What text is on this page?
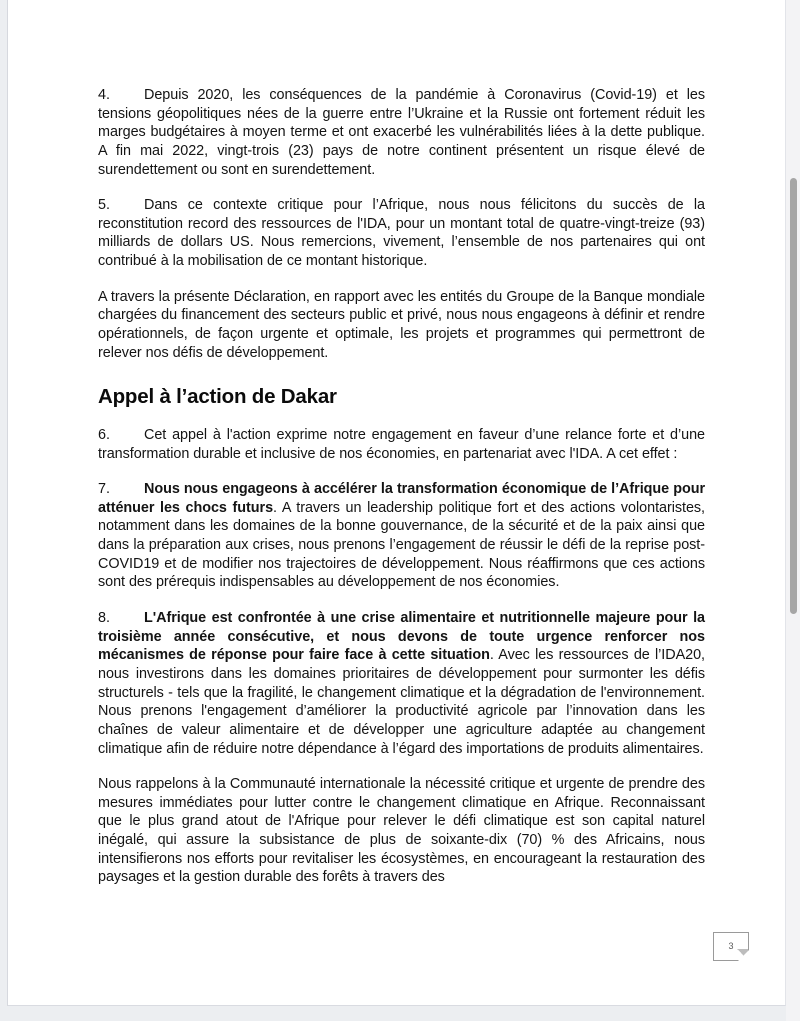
4. Depuis 2020, les conséquences de la pandémie à Coronavirus (Covid-19) et les tensions géopolitiques nées de la guerre entre l’Ukraine et la Russie ont fortement réduit les marges budgétaires à moyen terme et ont exacerbé les vulnérabilités liées à la dette publique. A fin mai 2022, vingt-trois (23) pays de notre continent présentent un risque élevé de surendettement ou sont en surendettement.

5. Dans ce contexte critique pour l’Afrique, nous nous félicitons du succès de la reconstitution record des ressources de l'IDA, pour un montant total de quatre-vingt-treize (93) milliards de dollars US. Nous remercions, vivement, l’ensemble de nos partenaires qui ont contribué à la mobilisation de ce montant historique.

A travers la présente Déclaration, en rapport avec les entités du Groupe de la Banque mondiale chargées du financement des secteurs public et privé, nous nous engageons à définir et rendre opérationnels, de façon urgente et optimale, les projets et programmes qui permettront de relever nos défis de développement.

Appel à l’action de Dakar

6. Cet appel à l'action exprime notre engagement en faveur d’une relance forte et d’une transformation durable et inclusive de nos économies, en partenariat avec l'IDA. A cet effet :

7. Nous nous engageons à accélérer la transformation économique de l’Afrique pour atténuer les chocs futurs. A travers un leadership politique fort et des actions volontaristes, notamment dans les domaines de la bonne gouvernance, de la sécurité et de la paix ainsi que dans la préparation aux crises, nous prenons l’engagement de réussir le défi de la reprise post-COVID19 et de modifier nos trajectoires de développement. Nous réaffirmons que ces actions sont des prérequis indispensables au développement de nos économies.

8. L'Afrique est confrontée à une crise alimentaire et nutritionnelle majeure pour la troisième année consécutive, et nous devons de toute urgence renforcer nos mécanismes de réponse pour faire face à cette situation. Avec les ressources de l’IDA20, nous investirons dans les domaines prioritaires de développement pour surmonter les défis structurels - tels que la fragilité, le changement climatique et la dégradation de l'environnement. Nous prenons l'engagement d’améliorer la productivité agricole par l’innovation dans les chaînes de valeur alimentaire et de développer une agriculture adaptée au changement climatique afin de réduire notre dépendance à l’égard des importations de produits alimentaires.

Nous rappelons à la Communauté internationale la nécessité critique et urgente de prendre des mesures immédiates pour lutter contre le changement climatique en Afrique. Reconnaissant que le plus grand atout de l'Afrique pour relever le défi climatique est son capital naturel inégalé, qui assure la subsistance de plus de soixante-dix (70) % des Africains, nous intensifierons nos efforts pour revitaliser les écosystèmes, en encourageant la restauration des paysages et la gestion durable des forêts à travers des

3
